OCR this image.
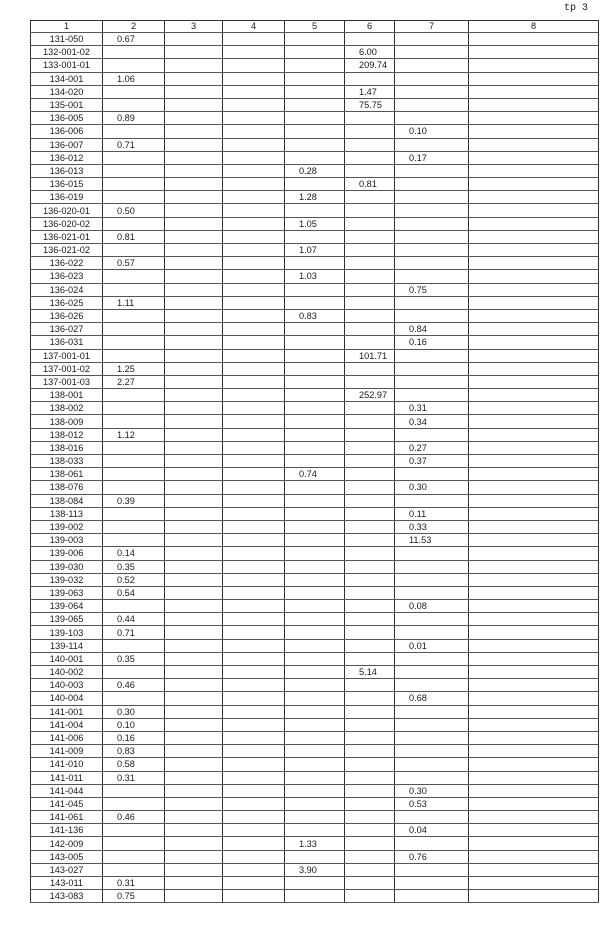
tp 3
1	2	3	4	5	6	7	8
131-050	0.67						
132-001-02					6.00		
133-001-01					209.74		
134-001	1.06						
134-020					1.47		
135-001					75.75		
136-005	0.89						
136-006						0.10	
136-007	0.71						
136-012						0.17	
136-013				0.28			
136-015					0.81		
136-019				1.28			
136-020-01	0.50						
136-020-02				1.05			
136-021-01	0.81						
136-021-02				1.07			
136-022	0.57						
136-023				1.03			
136-024						0.75	
136-025	1.11						
136-026				0.83			
136-027						0.84	
136-031						0.16	
137-001-01					101.71		
137-001-02	1.25						
137-001-03	2.27						
138-001					252.97		
138-002						0.31	
138-009						0.34	
138-012	1.12						
138-016						0.27	
138-033						0.37	
138-061				0.74			
138-076						0.30	
138-084	0.39						
138-113						0.11	
139-002						0.33	
139-003						11.53	
139-006	0.14						
139-030	0.35						
139-032	0.52						
139-063	0.54						
139-064						0.08	
139-065	0.44						
139-103	0.71						
139-114						0.01	
140-001	0.35						
140-002					5.14		
140-003	0.46						
140-004						0.68	
141-001	0.30						
141-004	0.10						
141-006	0.16						
141-009	0.83						
141-010	0.58						
141-011	0.31						
141-044						0.30	
141-045						0.53	
141-061	0.46						
141-136						0.04	
142-009				1.33			
143-005						0.76	
143-027				3.90			
143-011	0.31						
143-083	0.75						
